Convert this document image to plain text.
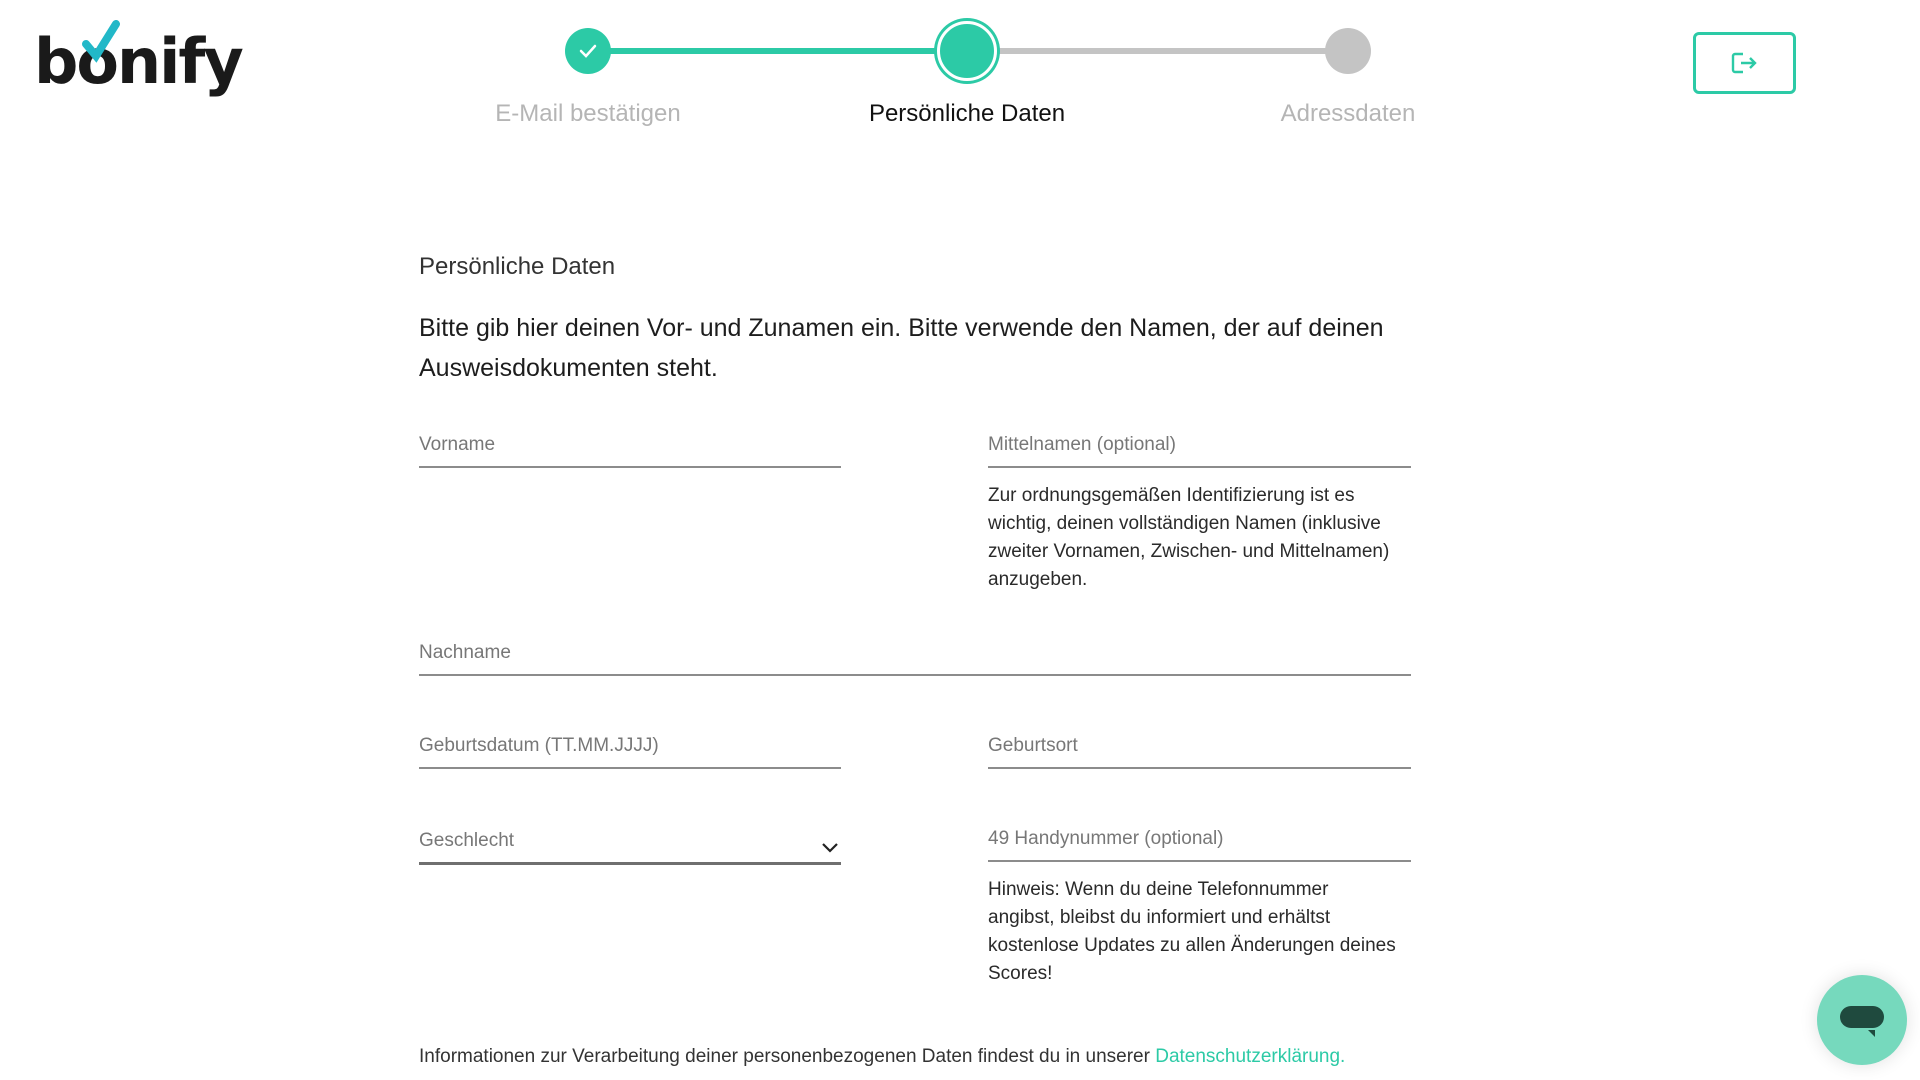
bo
nify
E-Mail bestätigen	Persönliche Daten	Adressdaten
Persönliche Daten
Bitte gib hier deinen Vor- und Zunamen ein. Bitte verwende den Namen, der auf deinen Ausweisdokumenten steht.
Vorname	Mittelnamen (optional)
Zur ordnungsgemäßen Identifizierung ist es wichtig, deinen vollständigen Namen (inklusive zweiter Vornamen, Zwischen- und Mittelnamen) anzugeben.
Nachname
Geburtsdatum (TT.MM.JJJJ)	Geburtsort
Geschlecht	49 Handynummer (optional)
Hinweis: Wenn du deine Telefonnummer angibst, bleibst du informiert und erhältst kostenlose Updates zu allen Änderungen deines Scores!
Informationen zur Verarbeitung deiner personenbezogenen Daten findest du in unserer Datenschutzerklärung.
